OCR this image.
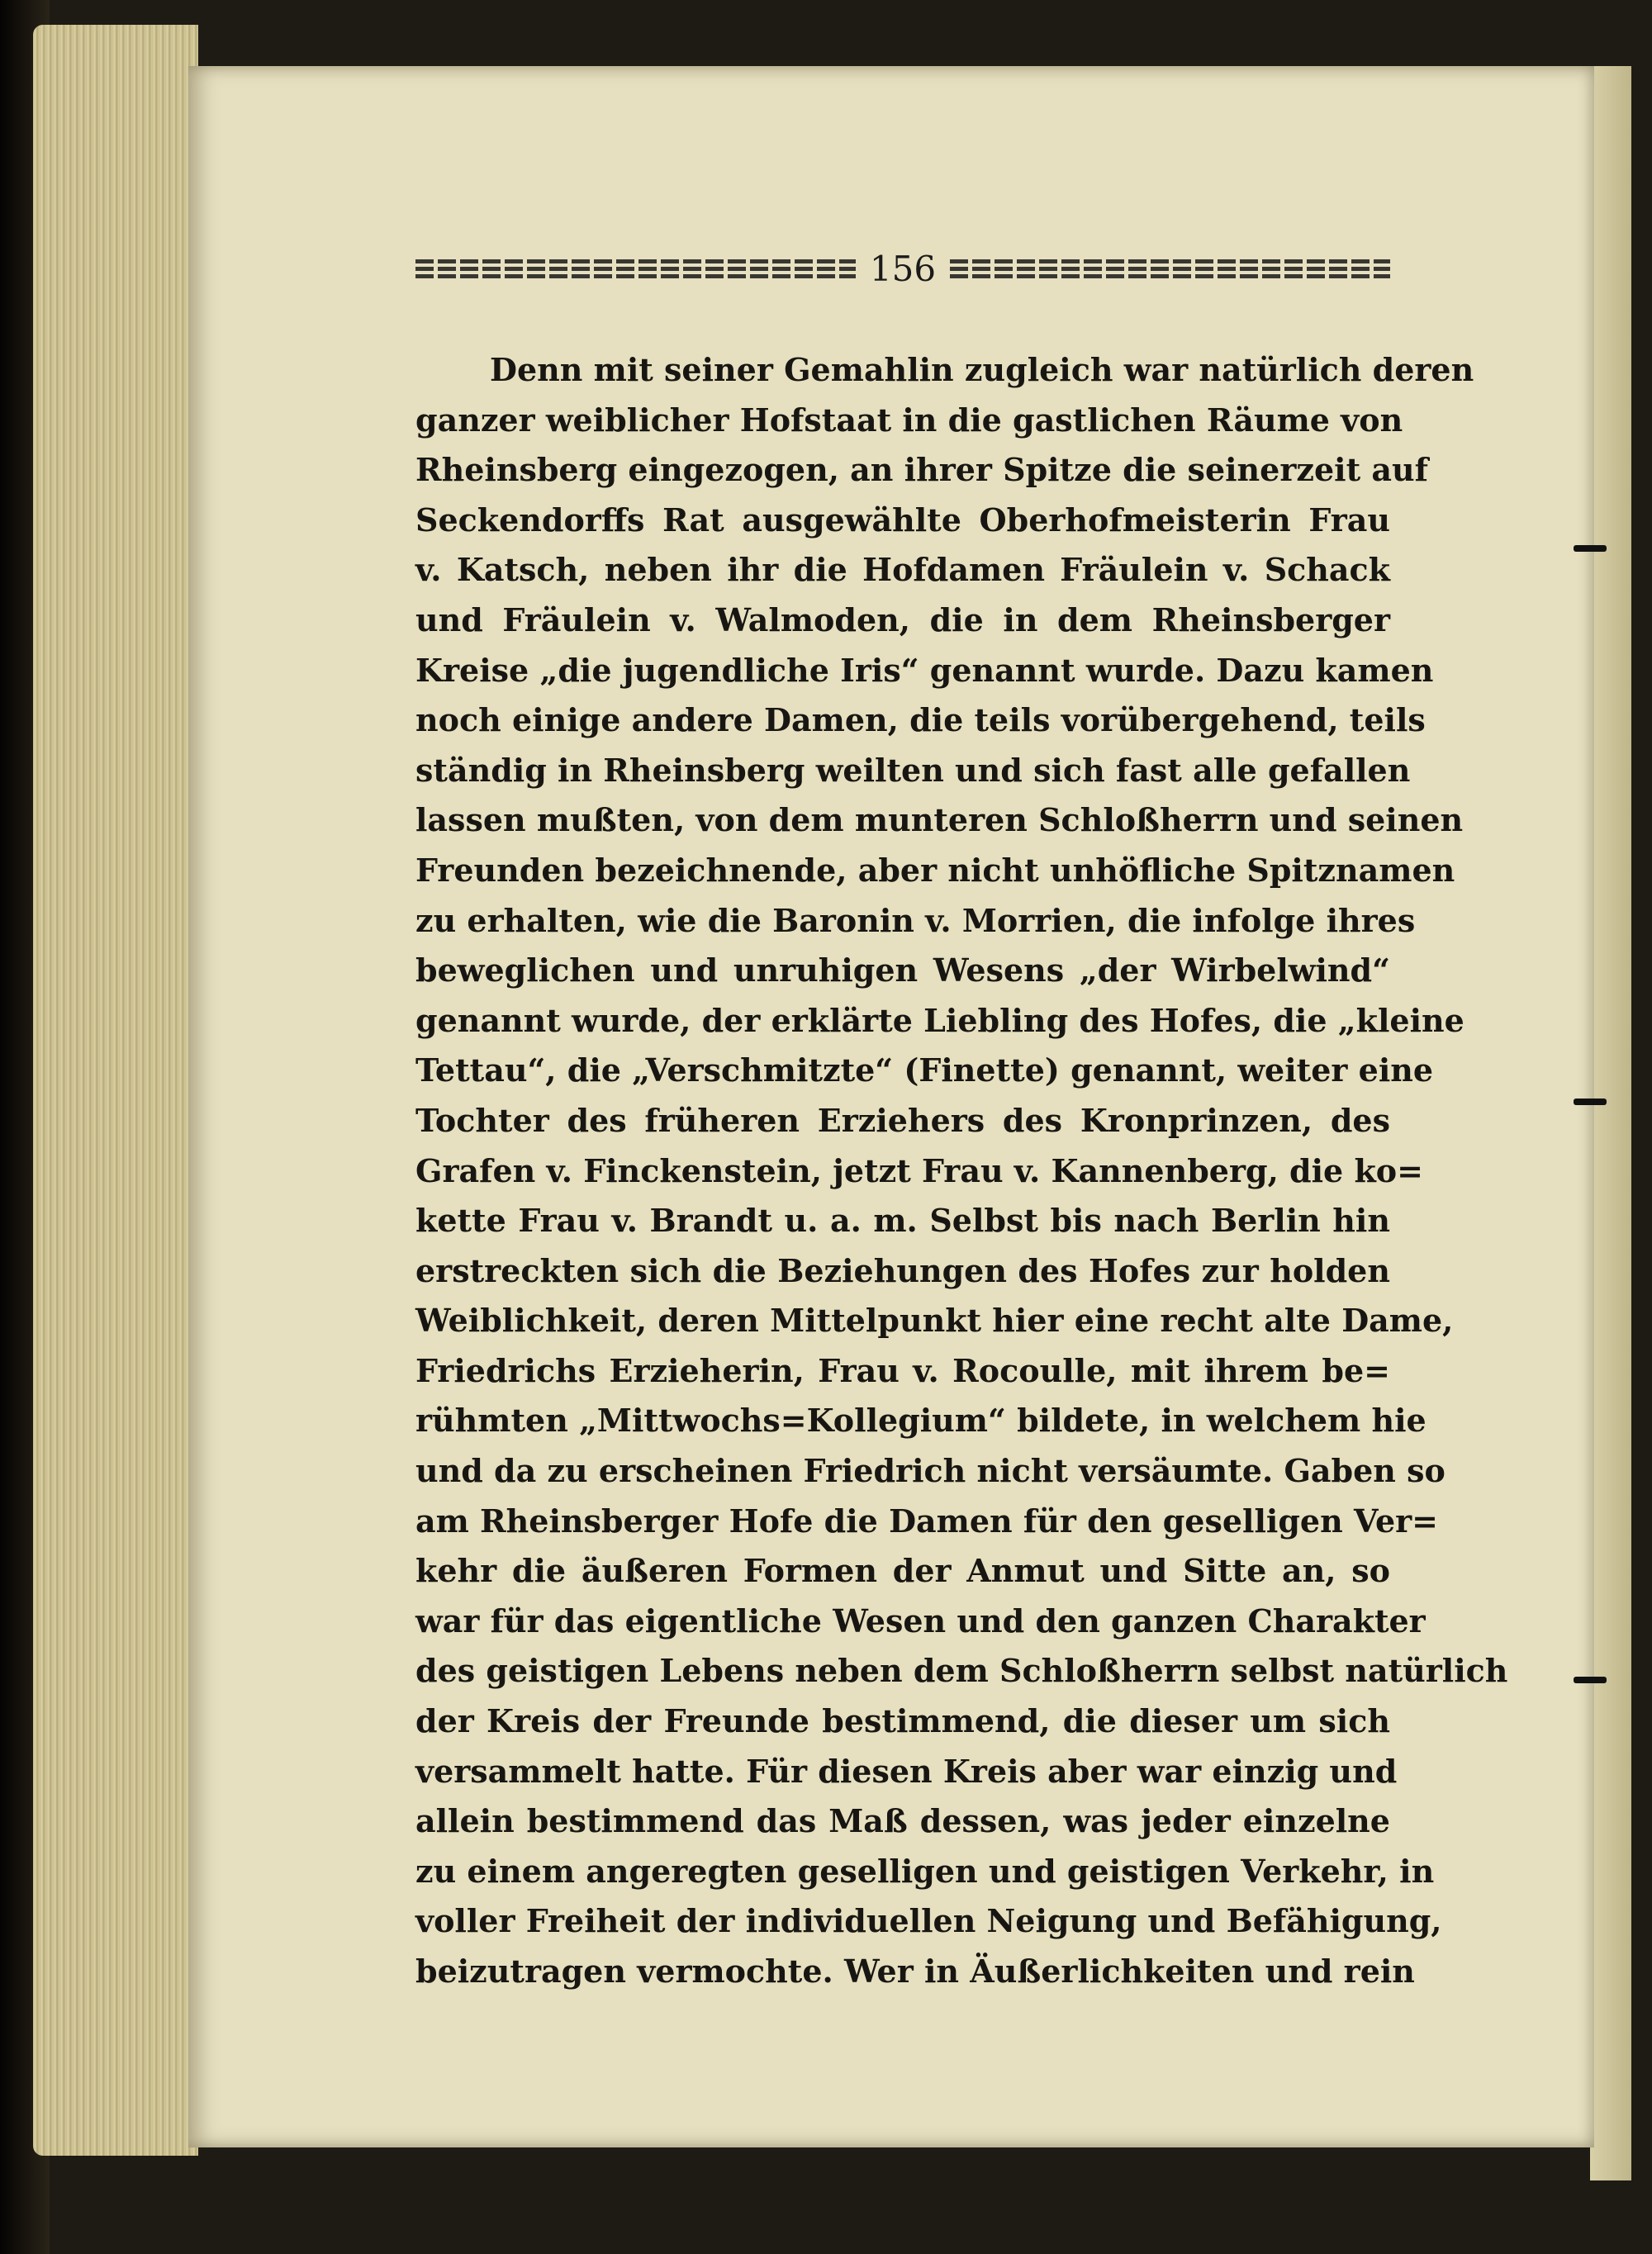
156
Denn mit seiner Gemahlin zugleich war natürlich deren
ganzer weiblicher Hofstaat in die gastlichen Räume von
Rheinsberg eingezogen, an ihrer Spitze die seinerzeit auf
Seckendorffs Rat ausgewählte Oberhofmeisterin Frau
v. Katsch, neben ihr die Hofdamen Fräulein v. Schack
und Fräulein v. Walmoden, die in dem Rheinsberger
Kreise „die jugendliche Iris“ genannt wurde. Dazu kamen
noch einige andere Damen, die teils vorübergehend, teils
ständig in Rheinsberg weilten und sich fast alle gefallen
lassen mußten, von dem munteren Schloßherrn und seinen
Freunden bezeichnende, aber nicht unhöfliche Spitznamen
zu erhalten, wie die Baronin v. Morrien, die infolge ihres
beweglichen und unruhigen Wesens „der Wirbelwind“
genannt wurde, der erklärte Liebling des Hofes, die „kleine
Tettau“, die „Verschmitzte“ (Finette) genannt, weiter eine
Tochter des früheren Erziehers des Kronprinzen, des
Grafen v. Finckenstein, jetzt Frau v. Kannenberg, die ko=
kette Frau v. Brandt u. a. m. Selbst bis nach Berlin hin
erstreckten sich die Beziehungen des Hofes zur holden
Weiblichkeit, deren Mittelpunkt hier eine recht alte Dame,
Friedrichs Erzieherin, Frau v. Rocoulle, mit ihrem be=
rühmten „Mittwochs=Kollegium“ bildete, in welchem hie
und da zu erscheinen Friedrich nicht versäumte. Gaben so
am Rheinsberger Hofe die Damen für den geselligen Ver=
kehr die äußeren Formen der Anmut und Sitte an, so
war für das eigentliche Wesen und den ganzen Charakter
des geistigen Lebens neben dem Schloßherrn selbst natürlich
der Kreis der Freunde bestimmend, die dieser um sich
versammelt hatte. Für diesen Kreis aber war einzig und
allein bestimmend das Maß dessen, was jeder einzelne
zu einem angeregten geselligen und geistigen Verkehr, in
voller Freiheit der individuellen Neigung und Befähigung,
beizutragen vermochte. Wer in Äußerlichkeiten und rein
